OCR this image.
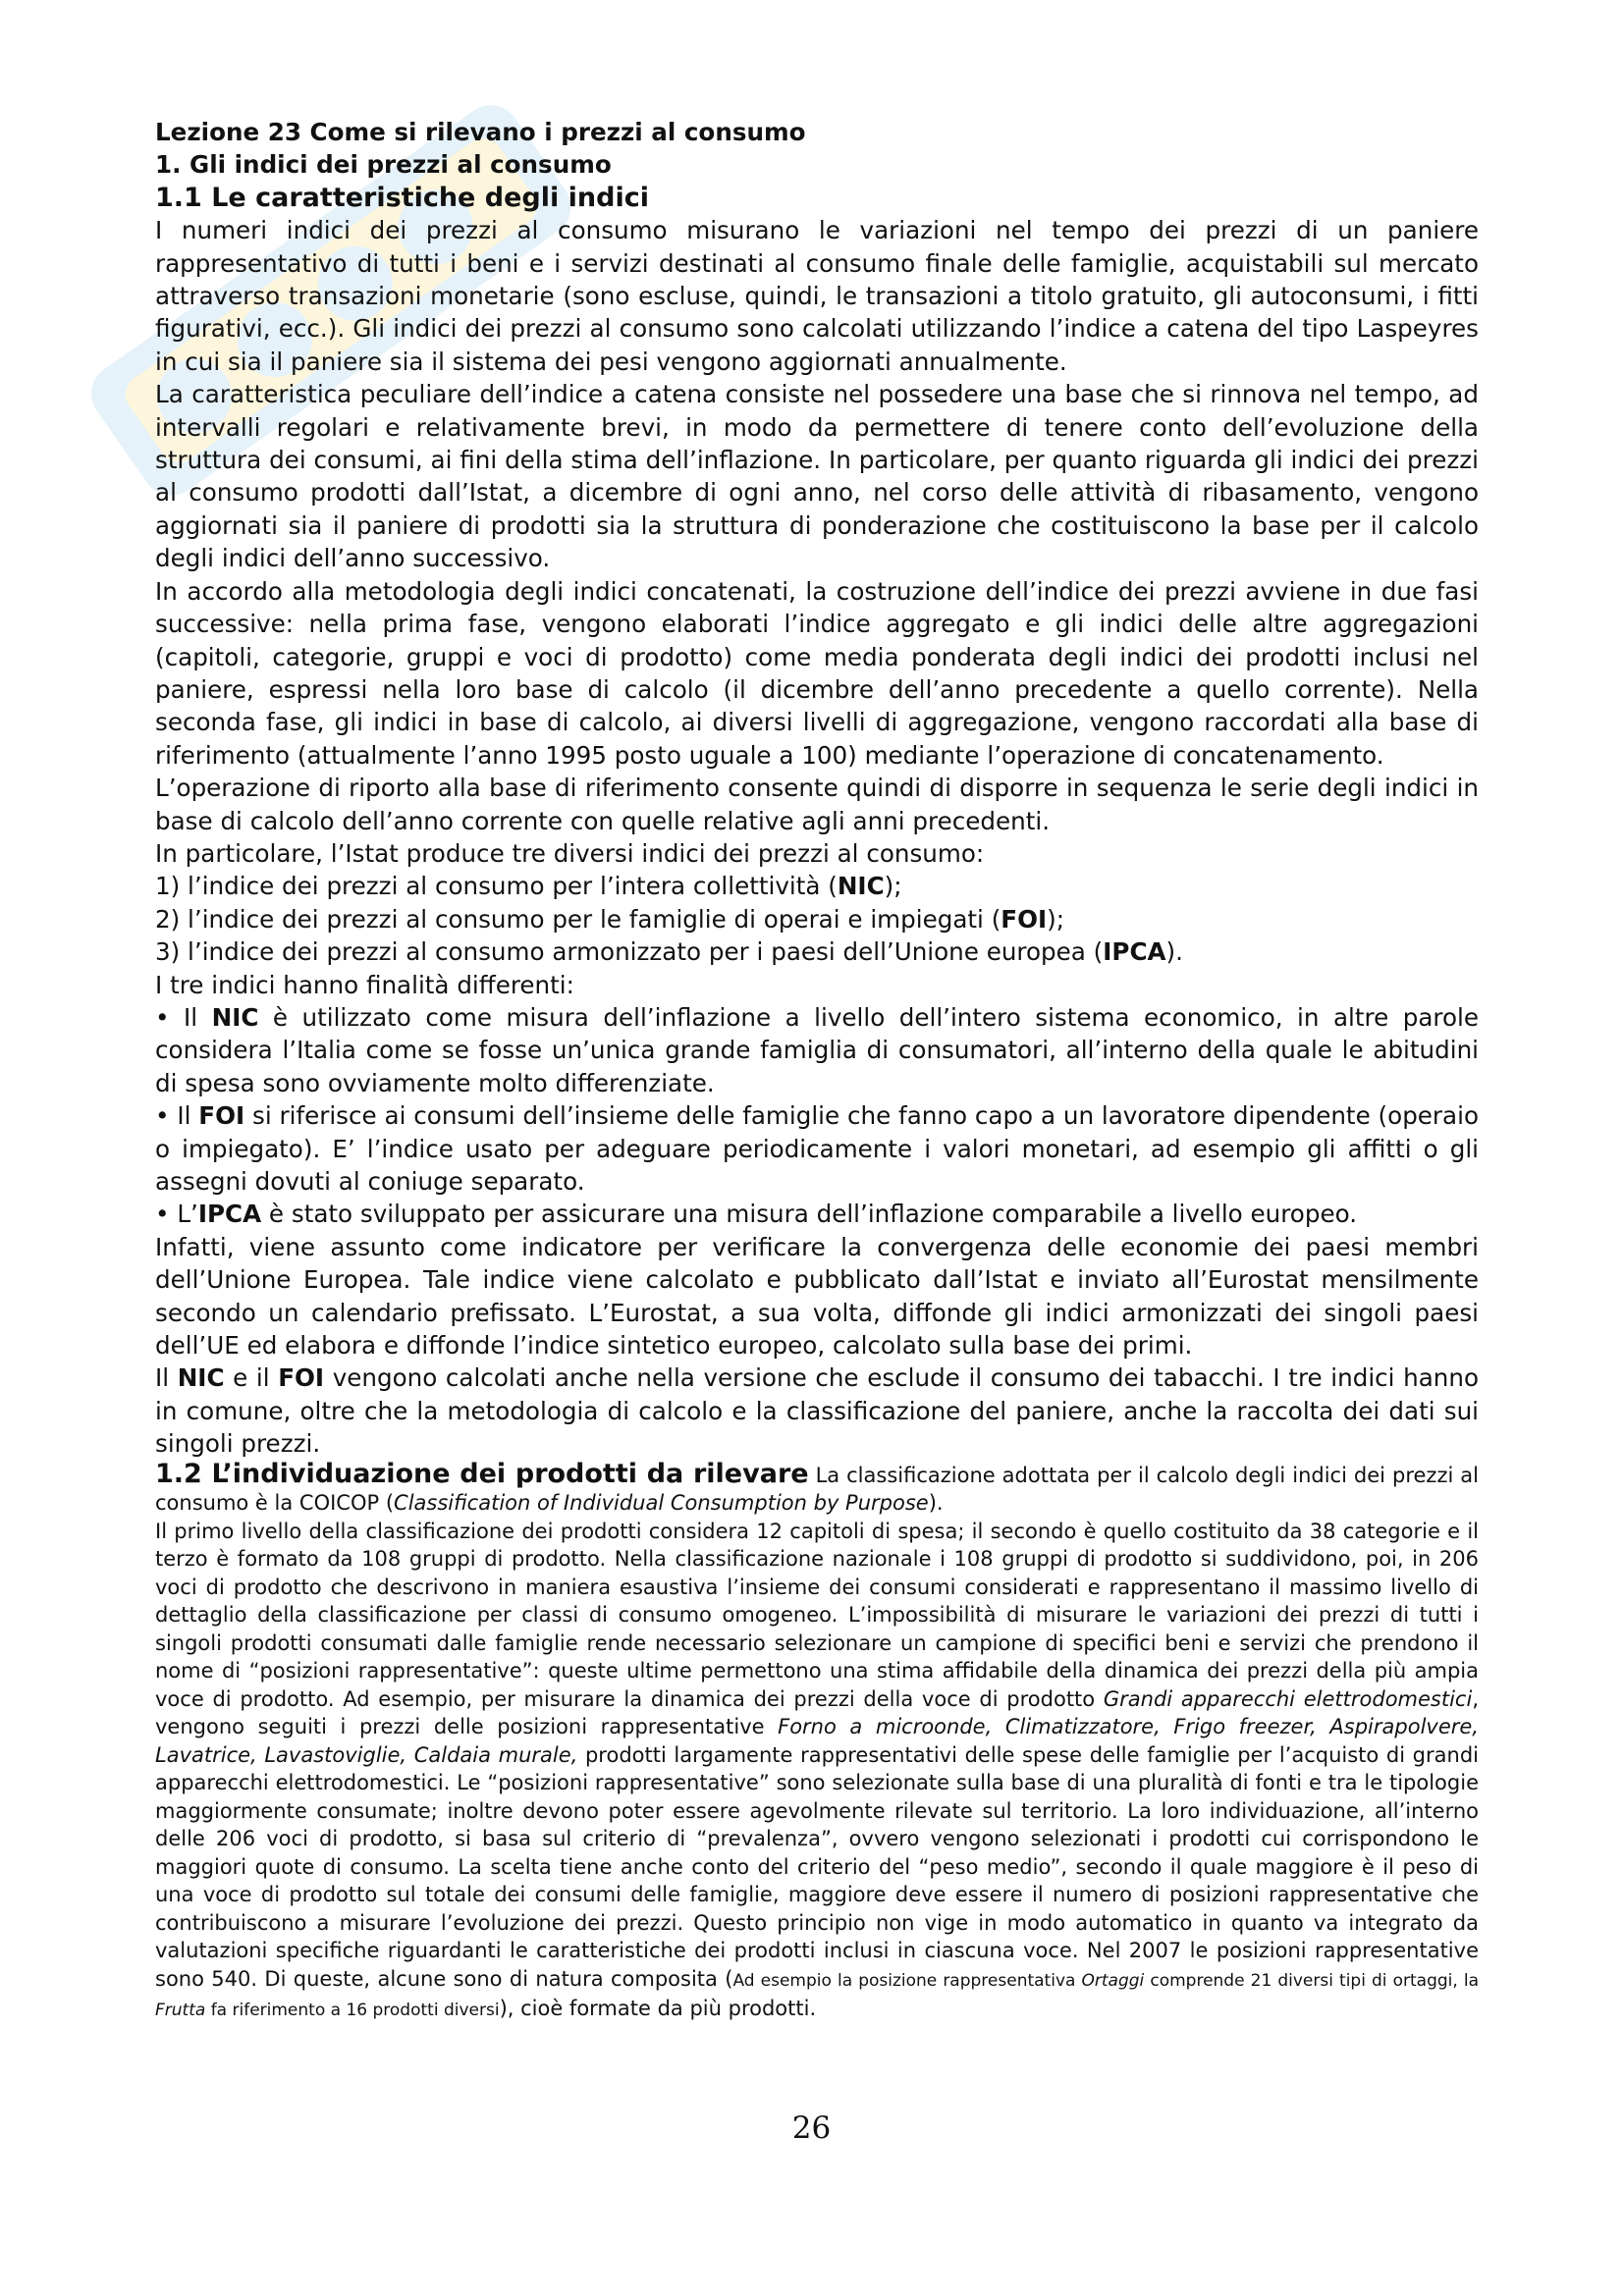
Lezione 23 Come si rilevano i prezzi al consumo

1. Gli indici dei prezzi al consumo

1.1 Le caratteristiche degli indici

I numeri indici dei prezzi al consumo misurano le variazioni nel tempo dei prezzi di un paniere rappresentativo di tutti i beni e i servizi destinati al consumo finale delle famiglie, acquistabili sul mercato attraverso transazioni monetarie (sono escluse, quindi, le transazioni a titolo gratuito, gli autoconsumi, i fitti figurativi, ecc.). Gli indici dei prezzi al consumo sono calcolati utilizzando l’indice a catena del tipo Laspeyres in cui sia il paniere sia il sistema dei pesi vengono aggiornati annualmente.

La caratteristica peculiare dell’indice a catena consiste nel possedere una base che si rinnova nel tempo, ad intervalli regolari e relativamente brevi, in modo da permettere di tenere conto dell’evoluzione della struttura dei consumi, ai fini della stima dell’inflazione. In particolare, per quanto riguarda gli indici dei prezzi al consumo prodotti dall’Istat, a dicembre di ogni anno, nel corso delle attività di ribasamento, vengono aggiornati sia il paniere di prodotti sia la struttura di ponderazione che costituiscono la base per il calcolo degli indici dell’anno successivo.

In accordo alla metodologia degli indici concatenati, la costruzione dell’indice dei prezzi avviene in due fasi successive: nella prima fase, vengono elaborati l’indice aggregato e gli indici delle altre aggregazioni (capitoli, categorie, gruppi e voci di prodotto) come media ponderata degli indici dei prodotti inclusi nel paniere, espressi nella loro base di calcolo (il dicembre dell’anno precedente a quello corrente). Nella seconda fase, gli indici in base di calcolo, ai diversi livelli di aggregazione, vengono raccordati alla base di riferimento (attualmente l’anno 1995 posto uguale a 100) mediante l’operazione di concatenamento.

L’operazione di riporto alla base di riferimento consente quindi di disporre in sequenza le serie degli indici in base di calcolo dell’anno corrente con quelle relative agli anni precedenti.

In particolare, l’Istat produce tre diversi indici dei prezzi al consumo:

1) l’indice dei prezzi al consumo per l’intera collettività (NIC);

2) l’indice dei prezzi al consumo per le famiglie di operai e impiegati (FOI);

3) l’indice dei prezzi al consumo armonizzato per i paesi dell’Unione europea (IPCA).

I tre indici hanno finalità differenti:

• Il NIC è utilizzato come misura dell’inflazione a livello dell’intero sistema economico, in altre parole considera l’Italia come se fosse un’unica grande famiglia di consumatori, all’interno della quale le abitudini di spesa sono ovviamente molto differenziate.

• Il FOI si riferisce ai consumi dell’insieme delle famiglie che fanno capo a un lavoratore dipendente (operaio o impiegato). E’ l’indice usato per adeguare periodicamente i valori monetari, ad esempio gli affitti o gli assegni dovuti al coniuge separato.

• L’IPCA è stato sviluppato per assicurare una misura dell’inflazione comparabile a livello europeo.

Infatti, viene assunto come indicatore per verificare la convergenza delle economie dei paesi membri dell’Unione Europea. Tale indice viene calcolato e pubblicato dall’Istat e inviato all’Eurostat mensilmente secondo un calendario prefissato. L’Eurostat, a sua volta, diffonde gli indici armonizzati dei singoli paesi dell’UE ed elabora e diffonde l’indice sintetico europeo, calcolato sulla base dei primi.

Il NIC e il FOI vengono calcolati anche nella versione che esclude il consumo dei tabacchi. I tre indici hanno in comune, oltre che la metodologia di calcolo e la classificazione del paniere, anche la raccolta dei dati sui singoli prezzi.

1.2 L’individuazione dei prodotti da rilevare La classificazione adottata per il calcolo degli indici dei prezzi al consumo è la COICOP (Classification of Individual Consumption by Purpose).

Il primo livello della classificazione dei prodotti considera 12 capitoli di spesa; il secondo è quello costituito da 38 categorie e il terzo è formato da 108 gruppi di prodotto. Nella classificazione nazionale i 108 gruppi di prodotto si suddividono, poi, in 206 voci di prodotto che descrivono in maniera esaustiva l’insieme dei consumi considerati e rappresentano il massimo livello di dettaglio della classificazione per classi di consumo omogeneo. L’impossibilità di misurare le variazioni dei prezzi di tutti i singoli prodotti consumati dalle famiglie rende necessario selezionare un campione di specifici beni e servizi che prendono il nome di “posizioni rappresentative”: queste ultime permettono una stima affidabile della dinamica dei prezzi della più ampia voce di prodotto. Ad esempio, per misurare la dinamica dei prezzi della voce di prodotto Grandi apparecchi elettrodomestici, vengono seguiti i prezzi delle posizioni rappresentative Forno a microonde, Climatizzatore, Frigo freezer, Aspirapolvere, Lavatrice, Lavastoviglie, Caldaia murale, prodotti largamente rappresentativi delle spese delle famiglie per l’acquisto di grandi apparecchi elettrodomestici. Le “posizioni rappresentative” sono selezionate sulla base di una pluralità di fonti e tra le tipologie maggiormente consumate; inoltre devono poter essere agevolmente rilevate sul territorio. La loro individuazione, all’interno delle 206 voci di prodotto, si basa sul criterio di “prevalenza”, ovvero vengono selezionati i prodotti cui corrispondono le maggiori quote di consumo. La scelta tiene anche conto del criterio del “peso medio”, secondo il quale maggiore è il peso di una voce di prodotto sul totale dei consumi delle famiglie, maggiore deve essere il numero di posizioni rappresentative che contribuiscono a misurare l’evoluzione dei prezzi. Questo principio non vige in modo automatico in quanto va integrato da valutazioni specifiche riguardanti le caratteristiche dei prodotti inclusi in ciascuna voce. Nel 2007 le posizioni rappresentative sono 540. Di queste, alcune sono di natura composita (Ad esempio la posizione rappresentativa Ortaggi comprende 21 diversi tipi di ortaggi, la Frutta fa riferimento a 16 prodotti diversi), cioè formate da più prodotti.

26
